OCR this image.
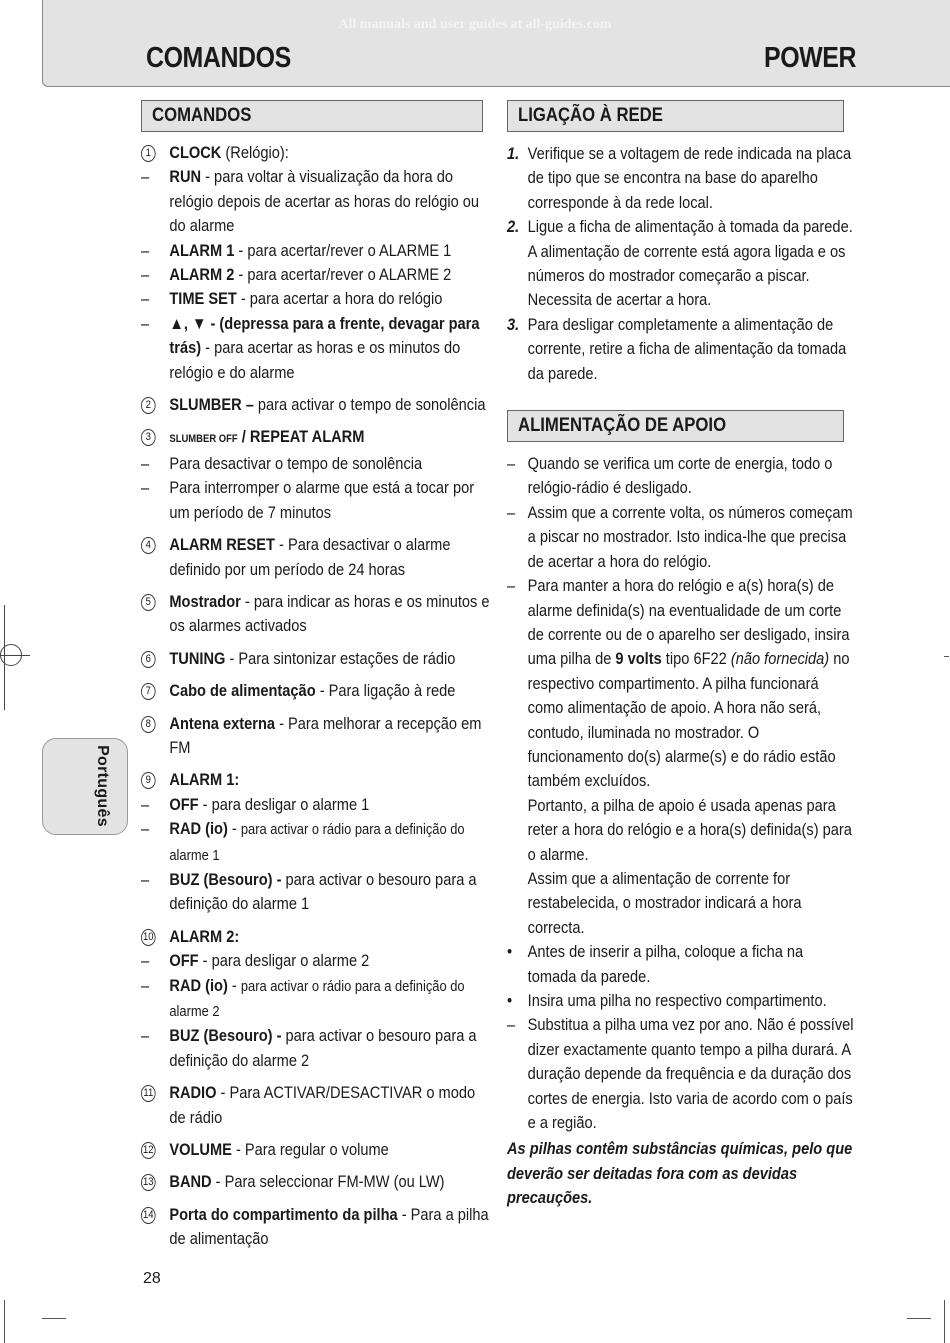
All manuals and user guides at all-guides.com
COMANDOS	POWER
Português
COMANDOS
1 CLOCK (Relógio):
– RUN - para voltar à visualização da hora do relógio depois de acertar as horas do relógio ou do alarme
– ALARM 1 - para acertar/rever o ALARME 1
– ALARM 2 - para acertar/rever o ALARME 2
– TIME SET - para acertar a hora do relógio
– ▲, ▼ - (depressa para a frente, devagar para trás) - para acertar as horas e os minutos do relógio e do alarme
2 SLUMBER – para activar o tempo de sonolência
3	SLUMBER OFF / REPEAT ALARM
– Para desactivar o tempo de sonolência
– Para interromper o alarme que está a tocar por um período de 7 minutos
4 ALARM RESET - Para desactivar o alarme definido por um período de 24 horas
5 Mostrador - para indicar as horas e os minutos e os alarmes activados
6 TUNING - Para sintonizar estações de rádio
7 Cabo de alimentação - Para ligação à rede
8 Antena externa - Para melhorar a recepção em FM
9 ALARM 1:
– OFF - para desligar o alarme 1
– RAD (io) - para activar o rádio para a definição do alarme 1
– BUZ (Besouro) - para activar o besouro para a definição do alarme 1
10 ALARM 2:
– OFF - para desligar o alarme 2
– RAD (io) - para activar o rádio para a definição do alarme 2
– BUZ (Besouro) - para activar o besouro para a definição do alarme 2
11 RADIO - Para ACTIVAR/DESACTIVAR o modo de rádio
12 VOLUME - Para regular o volume
13 BAND - Para seleccionar FM-MW (ou LW)
14 Porta do compartimento da pilha - Para a pilha de alimentação
LIGAÇÃO À REDE
1. Verifique se a voltagem de rede indicada na placa de tipo que se encontra na base do aparelho corresponde à da rede local.
2. Ligue a ficha de alimentação à tomada da parede. A alimentação de corrente está agora ligada e os números do mostrador começarão a piscar. Necessita de acertar a hora.
3. Para desligar completamente a alimentação de corrente, retire a ficha de alimentação da tomada da parede.
ALIMENTAÇÃO DE APOIO
– Quando se verifica um corte de energia, todo o relógio-rádio é desligado.
– Assim que a corrente volta, os números começam a piscar no mostrador. Isto indica-lhe que precisa de acertar a hora do relógio.
– Para manter a hora do relógio e a(s) hora(s) de alarme definida(s) na eventualidade de um corte de corrente ou de o aparelho ser desligado, insira uma pilha de 9 volts tipo 6F22 (não fornecida) no respectivo compartimento. A pilha funcionará como alimentação de apoio. A hora não será, contudo, iluminada no mostrador. O funcionamento do(s) alarme(s) e do rádio estão também excluídos.
Portanto, a pilha de apoio é usada apenas para reter a hora do relógio e a hora(s) definida(s) para o alarme.
Assim que a alimentação de corrente for restabelecida, o mostrador indicará a hora correcta.
• Antes de inserir a pilha, coloque a ficha na tomada da parede.
• Insira uma pilha no respectivo compartimento.
– Substitua a pilha uma vez por ano. Não é possível dizer exactamente quanto tempo a pilha durará. A duração depende da frequência e da duração dos cortes de energia. Isto varia de acordo com o país e a região.
As pilhas contêm substâncias químicas, pelo que deverão ser deitadas fora com as devidas precauções.
28
